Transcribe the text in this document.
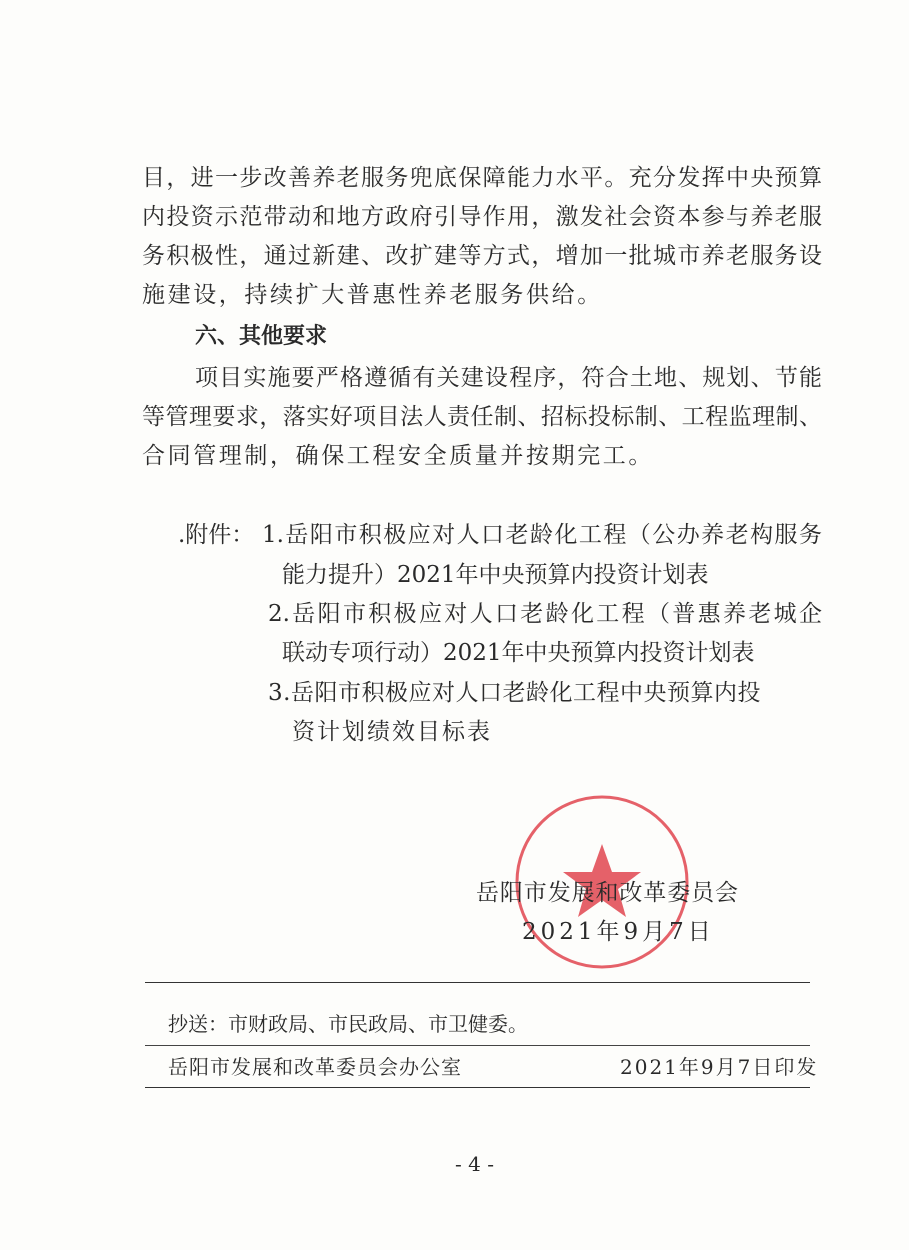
目，进一步改善养老服务兜底保障能力水平。充分发挥中央预算
内投资示范带动和地方政府引导作用，激发社会资本参与养老服
务积极性，通过新建、改扩建等方式，增加一批城市养老服务设
施建设，持续扩大普惠性养老服务供给。
六、其他要求
项目实施要严格遵循有关建设程序，符合土地、规划、节能
等管理要求，落实好项目法人责任制、招标投标制、工程监理制、
合同管理制，确保工程安全质量并按期完工。
.附件： 1.岳阳市积极应对人口老龄化工程（公办养老构服务
能力提升）2021年中央预算内投资计划表
2.岳阳市积极应对人口老龄化工程（普惠养老城企
联动专项行动）2021年中央预算内投资计划表
3.岳阳市积极应对人口老龄化工程中央预算内投
资计划绩效目标表
岳阳市发展和改革委员会
2021年9月7日
抄送：市财政局、市民政局、市卫健委。
岳阳市发展和改革委员会办公室	2021年9月7日印发
- 4 -
